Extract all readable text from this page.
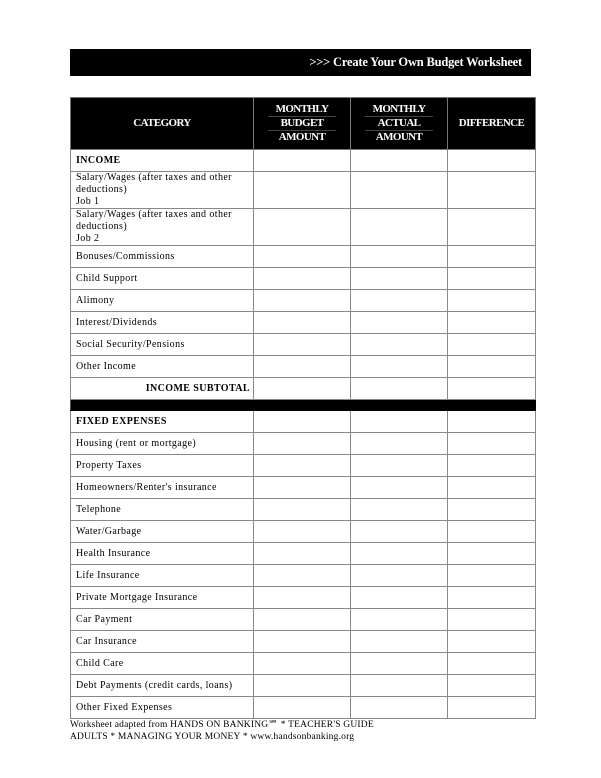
>>> Create Your Own Budget Worksheet
CATEGORY	MONTHLY
BUDGET
AMOUNT	MONTHLY
ACTUAL
AMOUNT	DIFFERENCE
INCOME			
Salary/Wages (after taxes and other deductions)
Job 1			
Salary/Wages (after taxes and other deductions)
Job 2			
Bonuses/Commissions			
Child Support			
Alimony			
Interest/Dividends			
Social Security/Pensions			
Other Income			
INCOME SUBTOTAL			

FIXED EXPENSES			
Housing (rent or mortgage)			
Property Taxes			
Homeowners/Renter's insurance			
Telephone			
Water/Garbage			
Health Insurance			
Life Insurance			
Private Mortgage Insurance			
Car Payment			
Car Insurance			
Child Care			
Debt Payments (credit cards, loans)			
Other Fixed Expenses			
Worksheet adapted from HANDS ON BANKING℠ * TEACHER'S GUIDE
ADULTS * MANAGING YOUR MONEY * www.handsonbanking.org
